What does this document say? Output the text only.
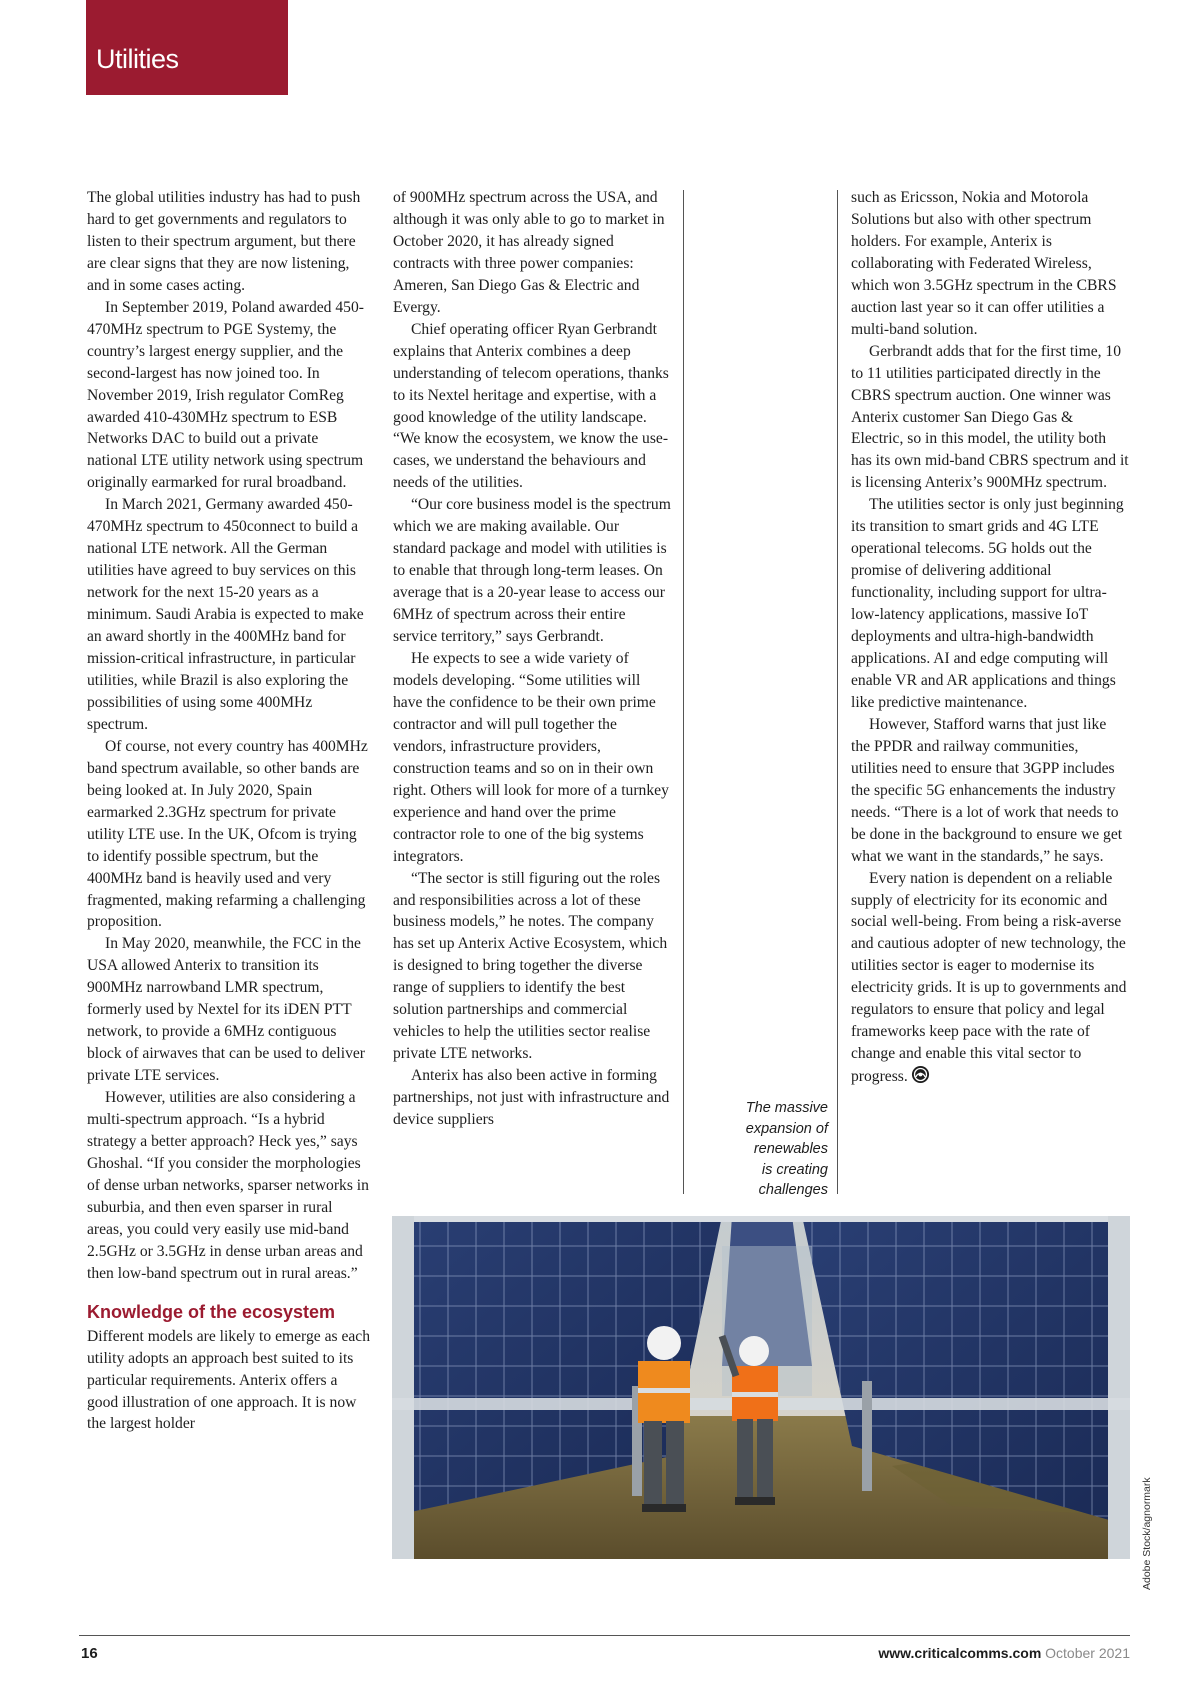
Utilities

The global utilities industry has had to push hard to get governments and regulators to listen to their spectrum argument, but there are clear signs that they are now listening, and in some cases acting.

In September 2019, Poland awarded 450-470MHz spectrum to PGE Systemy, the country’s largest energy supplier, and the second-largest has now joined too. In November 2019, Irish regulator ComReg awarded 410-430MHz spectrum to ESB Networks DAC to build out a private national LTE utility network using spectrum originally earmarked for rural broadband.

In March 2021, Germany awarded 450-470MHz spectrum to 450connect to build a national LTE network. All the German utilities have agreed to buy services on this network for the next 15-20 years as a minimum. Saudi Arabia is expected to make an award shortly in the 400MHz band for mission-critical infrastructure, in particular utilities, while Brazil is also exploring the possibilities of using some 400MHz spectrum.

Of course, not every country has 400MHz band spectrum available, so other bands are being looked at. In July 2020, Spain earmarked 2.3GHz spectrum for private utility LTE use. In the UK, Ofcom is trying to identify possible spectrum, but the 400MHz band is heavily used and very fragmented, making refarming a challenging proposition.

In May 2020, meanwhile, the FCC in the USA allowed Anterix to transition its 900MHz narrowband LMR spectrum, formerly used by Nextel for its iDEN PTT network, to provide a 6MHz contiguous block of airwaves that can be used to deliver private LTE services.

However, utilities are also considering a multi-spectrum approach. “Is a hybrid strategy a better approach? Heck yes,” says Ghoshal. “If you consider the morphologies of dense urban networks, sparser networks in suburbia, and then even sparser in rural areas, you could very easily use mid-band 2.5GHz or 3.5GHz in dense urban areas and then low-band spectrum out in rural areas.”

Knowledge of the ecosystem

Different models are likely to emerge as each utility adopts an approach best suited to its particular requirements. Anterix offers a good illustration of one approach. It is now the largest holder

of 900MHz spectrum across the USA, and although it was only able to go to market in October 2020, it has already signed contracts with three power companies: Ameren, San Diego Gas & Electric and Evergy.

Chief operating officer Ryan Gerbrandt explains that Anterix combines a deep understanding of telecom operations, thanks to its Nextel heritage and expertise, with a good knowledge of the utility landscape. “We know the ecosystem, we know the use-cases, we understand the behaviours and needs of the utilities.

“Our core business model is the spectrum which we are making available. Our standard package and model with utilities is to enable that through long-term leases. On average that is a 20-year lease to access our 6MHz of spectrum across their entire service territory,” says Gerbrandt.

He expects to see a wide variety of models developing. “Some utilities will have the confidence to be their own prime contractor and will pull together the vendors, infrastructure providers, construction teams and so on in their own right. Others will look for more of a turnkey experience and hand over the prime contractor role to one of the big systems integrators.

“The sector is still figuring out the roles and responsibilities across a lot of these business models,” he notes. The company has set up Anterix Active Ecosystem, which is designed to bring together the diverse range of suppliers to identify the best solution partnerships and commercial vehicles to help the utilities sector realise private LTE networks.

Anterix has also been active in forming partnerships, not just with infrastructure and device suppliers

The massive
expansion of
renewables
is creating
challenges

such as Ericsson, Nokia and Motorola Solutions but also with other spectrum holders. For example, Anterix is collaborating with Federated Wireless, which won 3.5GHz spectrum in the CBRS auction last year so it can offer utilities a multi-band solution.

Gerbrandt adds that for the first time, 10 to 11 utilities participated directly in the CBRS spectrum auction. One winner was Anterix customer San Diego Gas & Electric, so in this model, the utility both has its own mid-band CBRS spectrum and it is licensing Anterix’s 900MHz spectrum.

The utilities sector is only just beginning its transition to smart grids and 4G LTE operational telecoms. 5G holds out the promise of delivering additional functionality, including support for ultra-low-latency applications, massive IoT deployments and ultra-high-bandwidth applications. AI and edge computing will enable VR and AR applications and things like predictive maintenance.

However, Stafford warns that just like the PPDR and railway communities, utilities need to ensure that 3GPP includes the specific 5G enhancements the industry needs. “There is a lot of work that needs to be done in the background to ensure we get what we want in the standards,” he says.

Every nation is dependent on a reliable supply of electricity for its economic and social well-being. From being a risk-averse and cautious adopter of new technology, the utilities sector is eager to modernise its electricity grids. It is up to governments and regulators to ensure that policy and legal frameworks keep pace with the rate of change and enable this vital sector to progress.

Adobe Stock/agnormark
16	www.criticalcomms.com October 2021
